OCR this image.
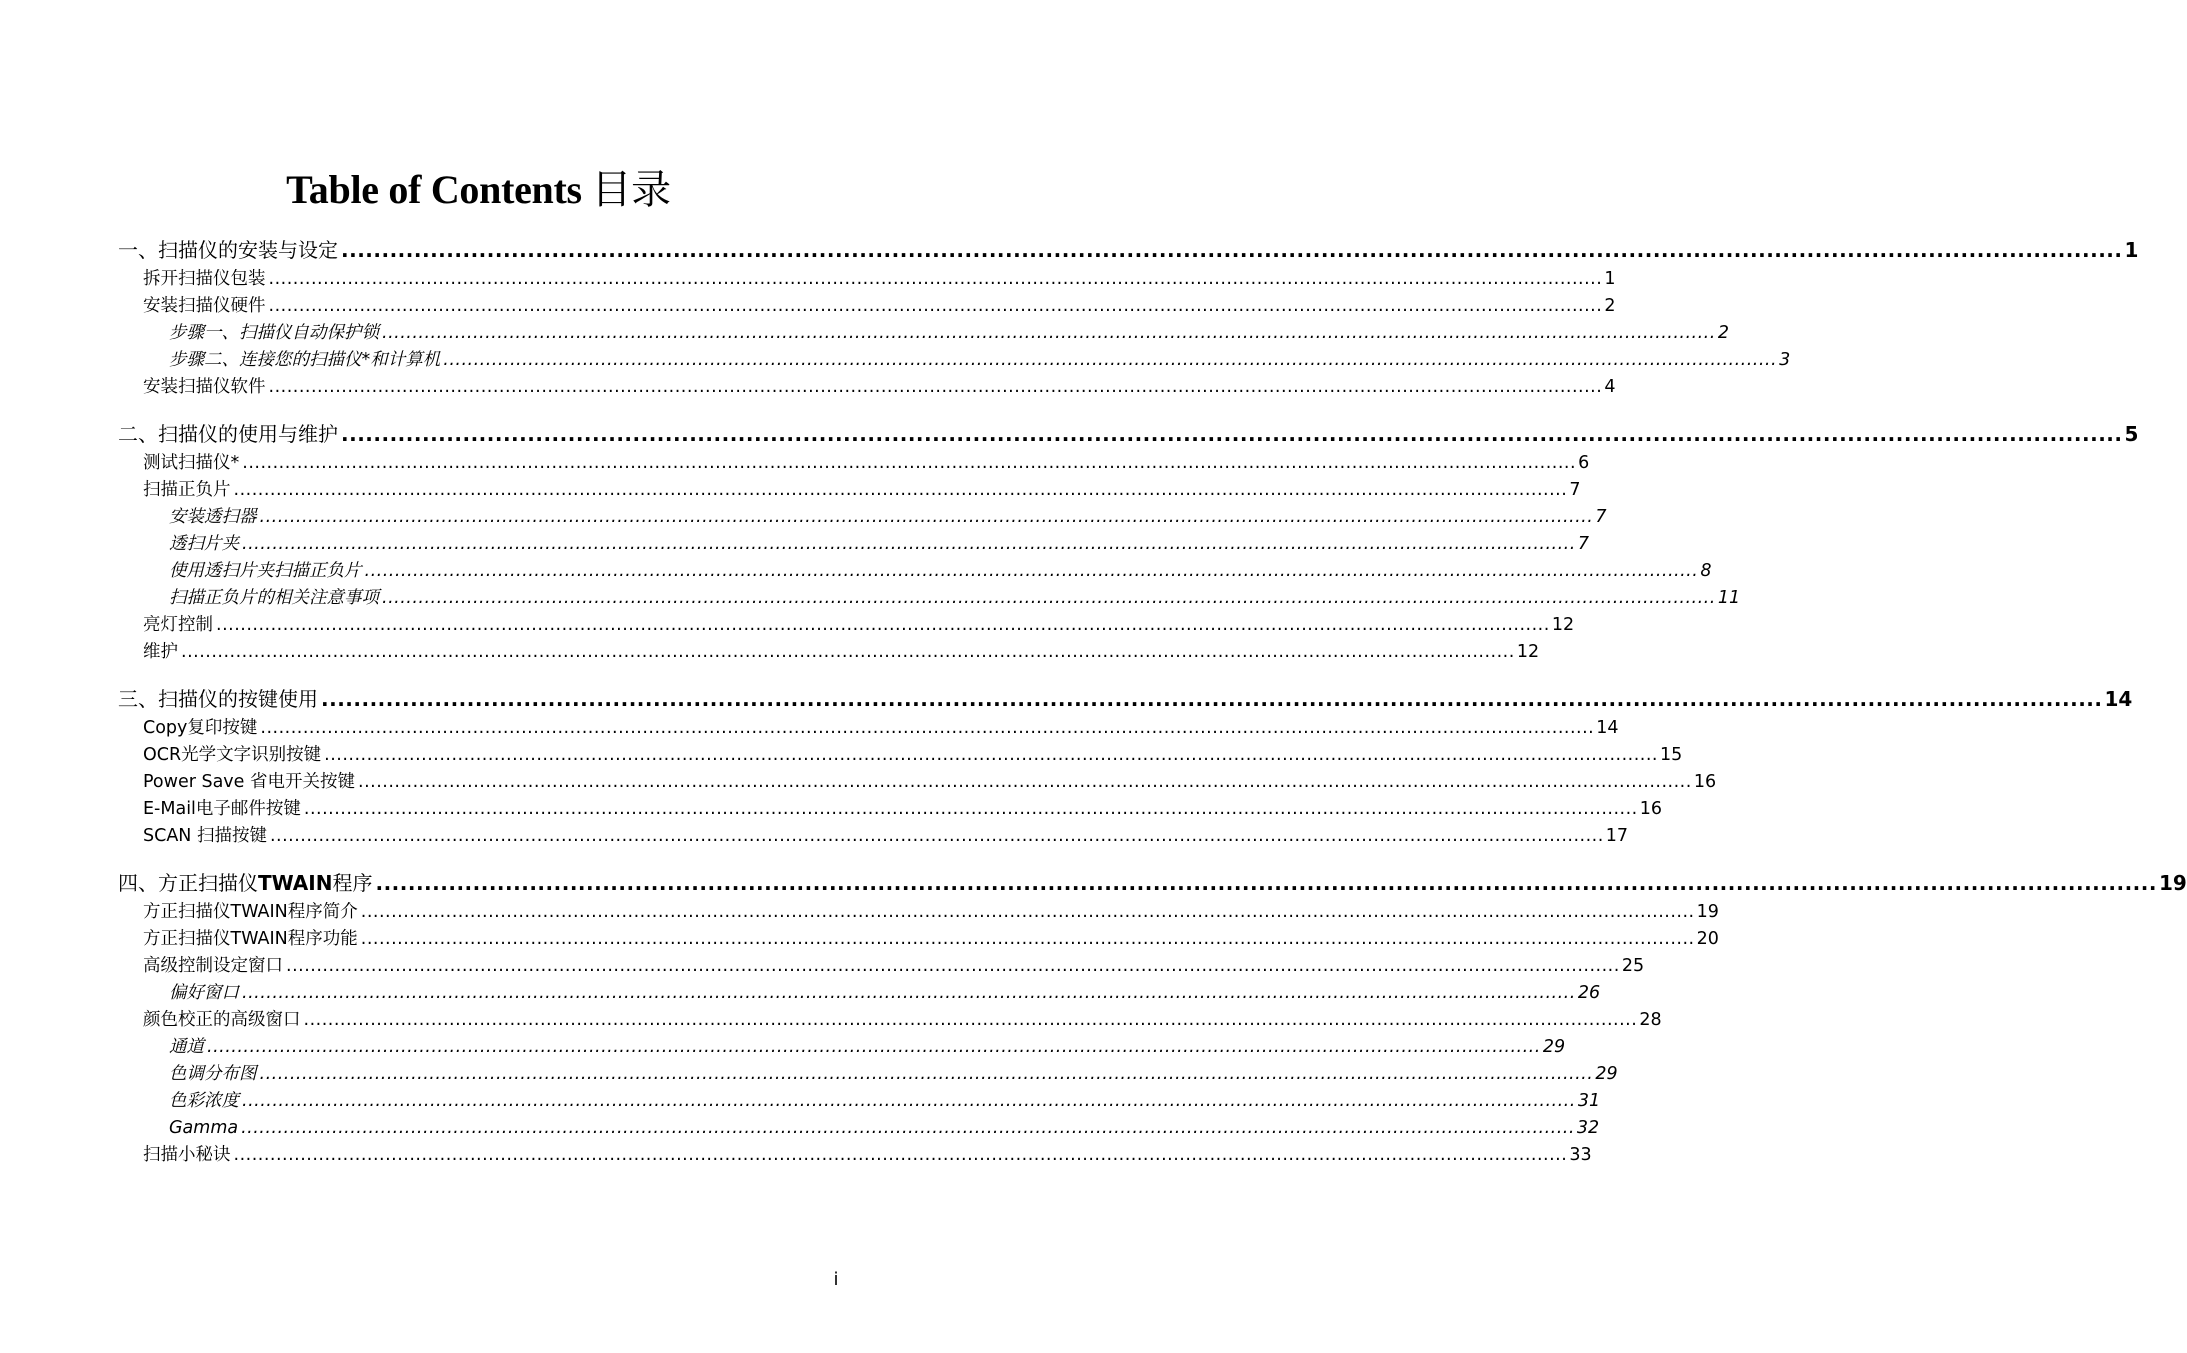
Table of Contents 目录
一、扫描仪的安装与设定 ............................................................................................................................................................................................................................ 1
拆开扫描仪包装 ............................................................................................................................................................................................................................ 1
安装扫描仪硬件 ............................................................................................................................................................................................................................ 2
步骤一、扫描仪自动保护锁 ............................................................................................................................................................................................................................ 2
步骤二、连接您的扫描仪*和计算机 ............................................................................................................................................................................................................................ 3
安装扫描仪软件 ............................................................................................................................................................................................................................ 4
二、扫描仪的使用与维护 ............................................................................................................................................................................................................................ 5
测试扫描仪* ............................................................................................................................................................................................................................ 6
扫描正负片 ............................................................................................................................................................................................................................ 7
安装透扫器 ............................................................................................................................................................................................................................ 7
透扫片夹 ............................................................................................................................................................................................................................ 7
使用透扫片夹扫描正负片 ............................................................................................................................................................................................................................ 8
扫描正负片的相关注意事项 ............................................................................................................................................................................................................................ 11
亮灯控制 ............................................................................................................................................................................................................................ 12
维护 ............................................................................................................................................................................................................................ 12
三、扫描仪的按键使用 ............................................................................................................................................................................................................................ 14
Copy复印按键 ............................................................................................................................................................................................................................ 14
OCR光学文字识别按键 ............................................................................................................................................................................................................................ 15
Power Save 省电开关按键 ............................................................................................................................................................................................................................ 16
E-Mail电子邮件按键 ............................................................................................................................................................................................................................ 16
SCAN 扫描按键 ............................................................................................................................................................................................................................ 17
四、方正扫描仪TWAIN程序 ............................................................................................................................................................................................................................ 19
方正扫描仪TWAIN程序简介 ............................................................................................................................................................................................................................ 19
方正扫描仪TWAIN程序功能 ............................................................................................................................................................................................................................ 20
高级控制设定窗口 ............................................................................................................................................................................................................................ 25
偏好窗口 ............................................................................................................................................................................................................................ 26
颜色校正的高级窗口 ............................................................................................................................................................................................................................ 28
通道 ............................................................................................................................................................................................................................ 29
色调分布图 ............................................................................................................................................................................................................................ 29
色彩浓度 ............................................................................................................................................................................................................................ 31
Gamma ............................................................................................................................................................................................................................ 32
扫描小秘诀 ............................................................................................................................................................................................................................ 33
i
